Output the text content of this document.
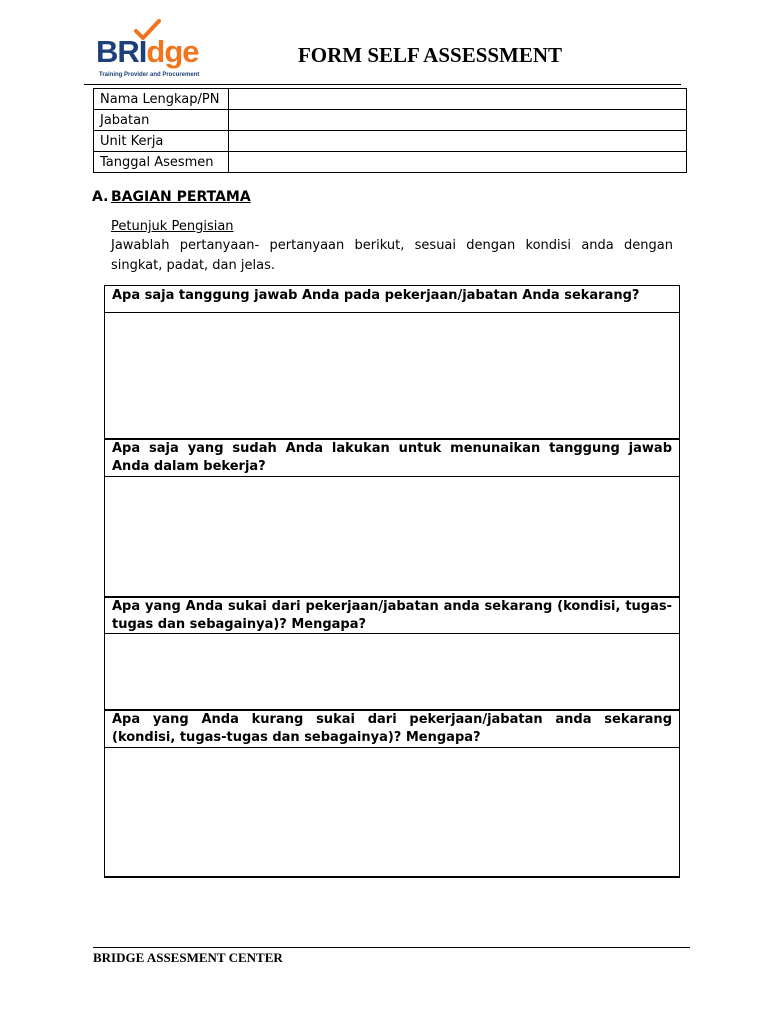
BRIdge
Training Provider and Procurement
FORM SELF ASSESSMENT
Nama Lengkap/PN	
Jabatan	
Unit Kerja	
Tanggal Asesmen	
A. BAGIAN PERTAMA
Petunjuk Pengisian
Jawablah pertanyaan- pertanyaan berikut, sesuai dengan kondisi anda dengan singkat, padat, dan jelas.
Apa saja tanggung jawab Anda pada pekerjaan/jabatan Anda sekarang?
Apa saja yang sudah Anda lakukan untuk menunaikan tanggung jawab Anda dalam bekerja?
Apa yang Anda sukai dari pekerjaan/jabatan anda sekarang (kondisi, tugas-tugas dan sebagainya)? Mengapa?
Apa yang Anda kurang sukai dari pekerjaan/jabatan anda sekarang (kondisi, tugas-tugas dan sebagainya)? Mengapa?
BRIDGE ASSESMENT CENTER
